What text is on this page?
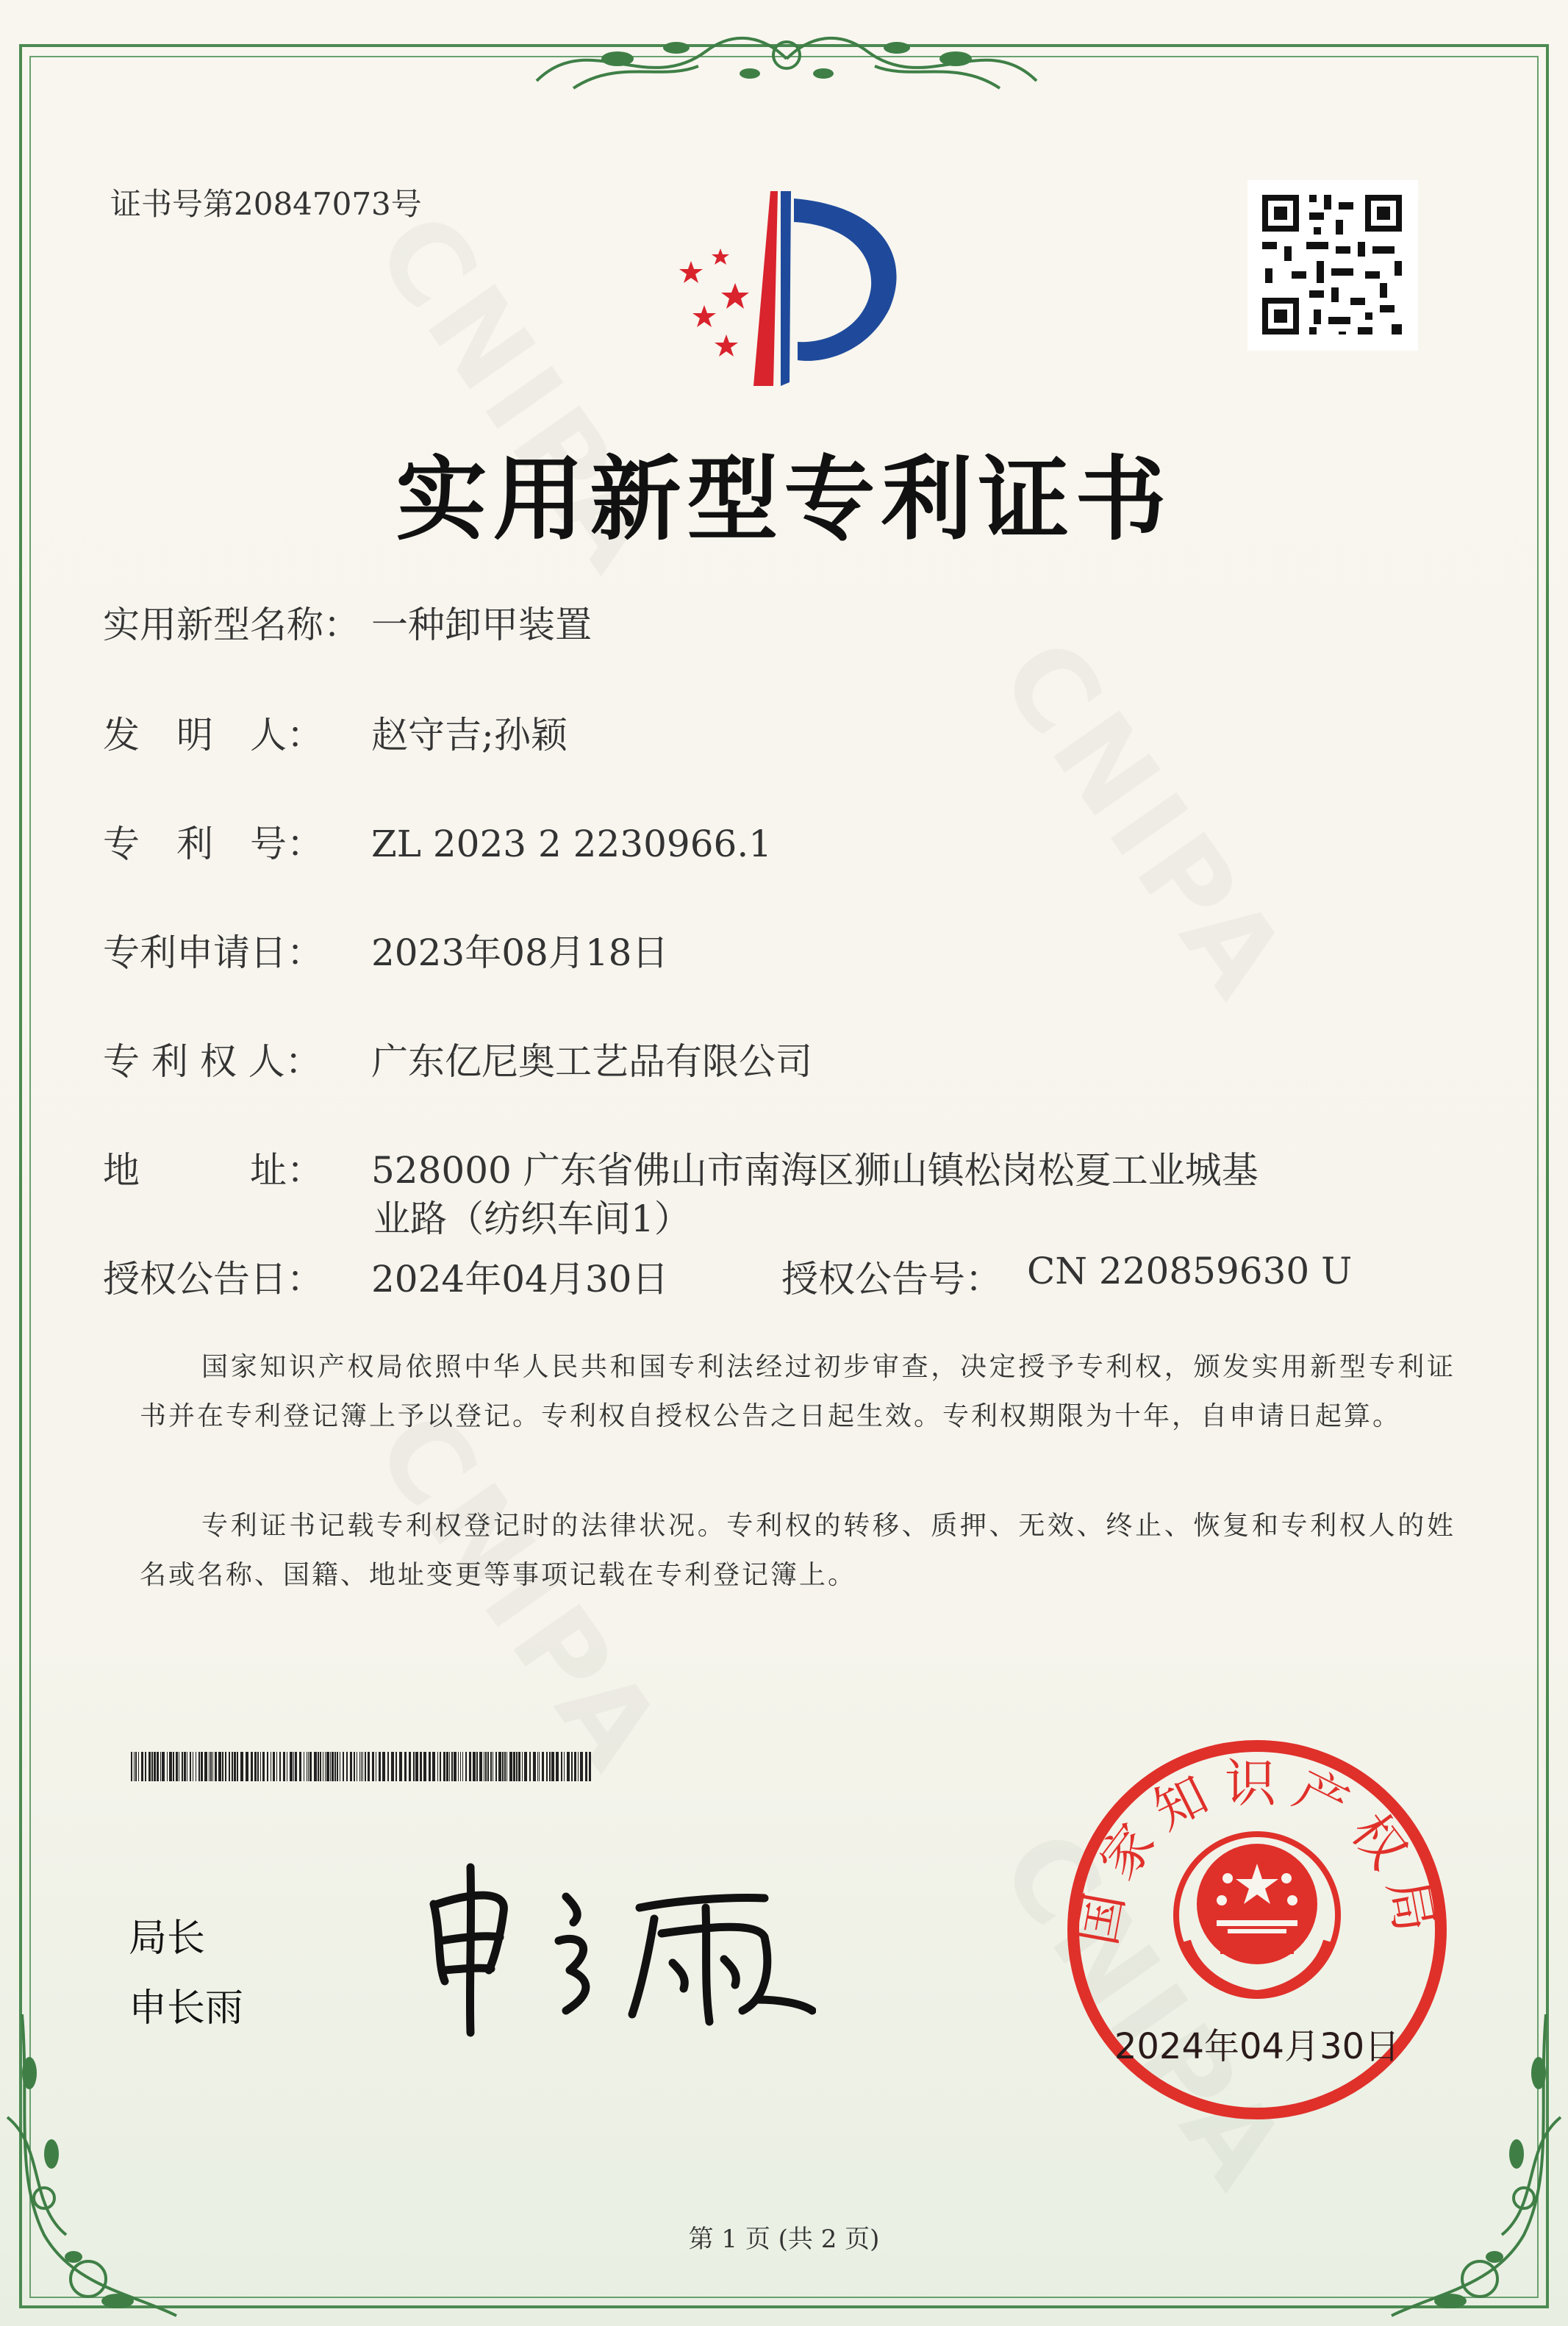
证书号第20847073号
实用新型专利证书
实用新型名称： 一种卸甲装置
发　明　人： 赵守吉;孙颖
专　利　号： ZL 2023 2 2230966.1
专利申请日： 2023年08月18日
专 利 权 人： 广东亿尼奥工艺品有限公司
地　　　址： 528000 广东省佛山市南海区狮山镇松岗松夏工业城基
业路（纺织车间1）
授权公告日： 2024年04月30日	授权公告号： CN 220859630 U
国家知识产权局依照中华人民共和国专利法经过初步审查，决定授予专利权，颁发实用新型专利证书并在专利登记簿上予以登记。专利权自授权公告之日起生效。专利权期限为十年，自申请日起算。
专利证书记载专利权登记时的法律状况。专利权的转移、质押、无效、终止、恢复和专利权人的姓名或名称、国籍、地址变更等事项记载在专利登记簿上。
局长
申长雨
国家知识产权局
2024年04月30日
第 1 页 (共 2 页)
